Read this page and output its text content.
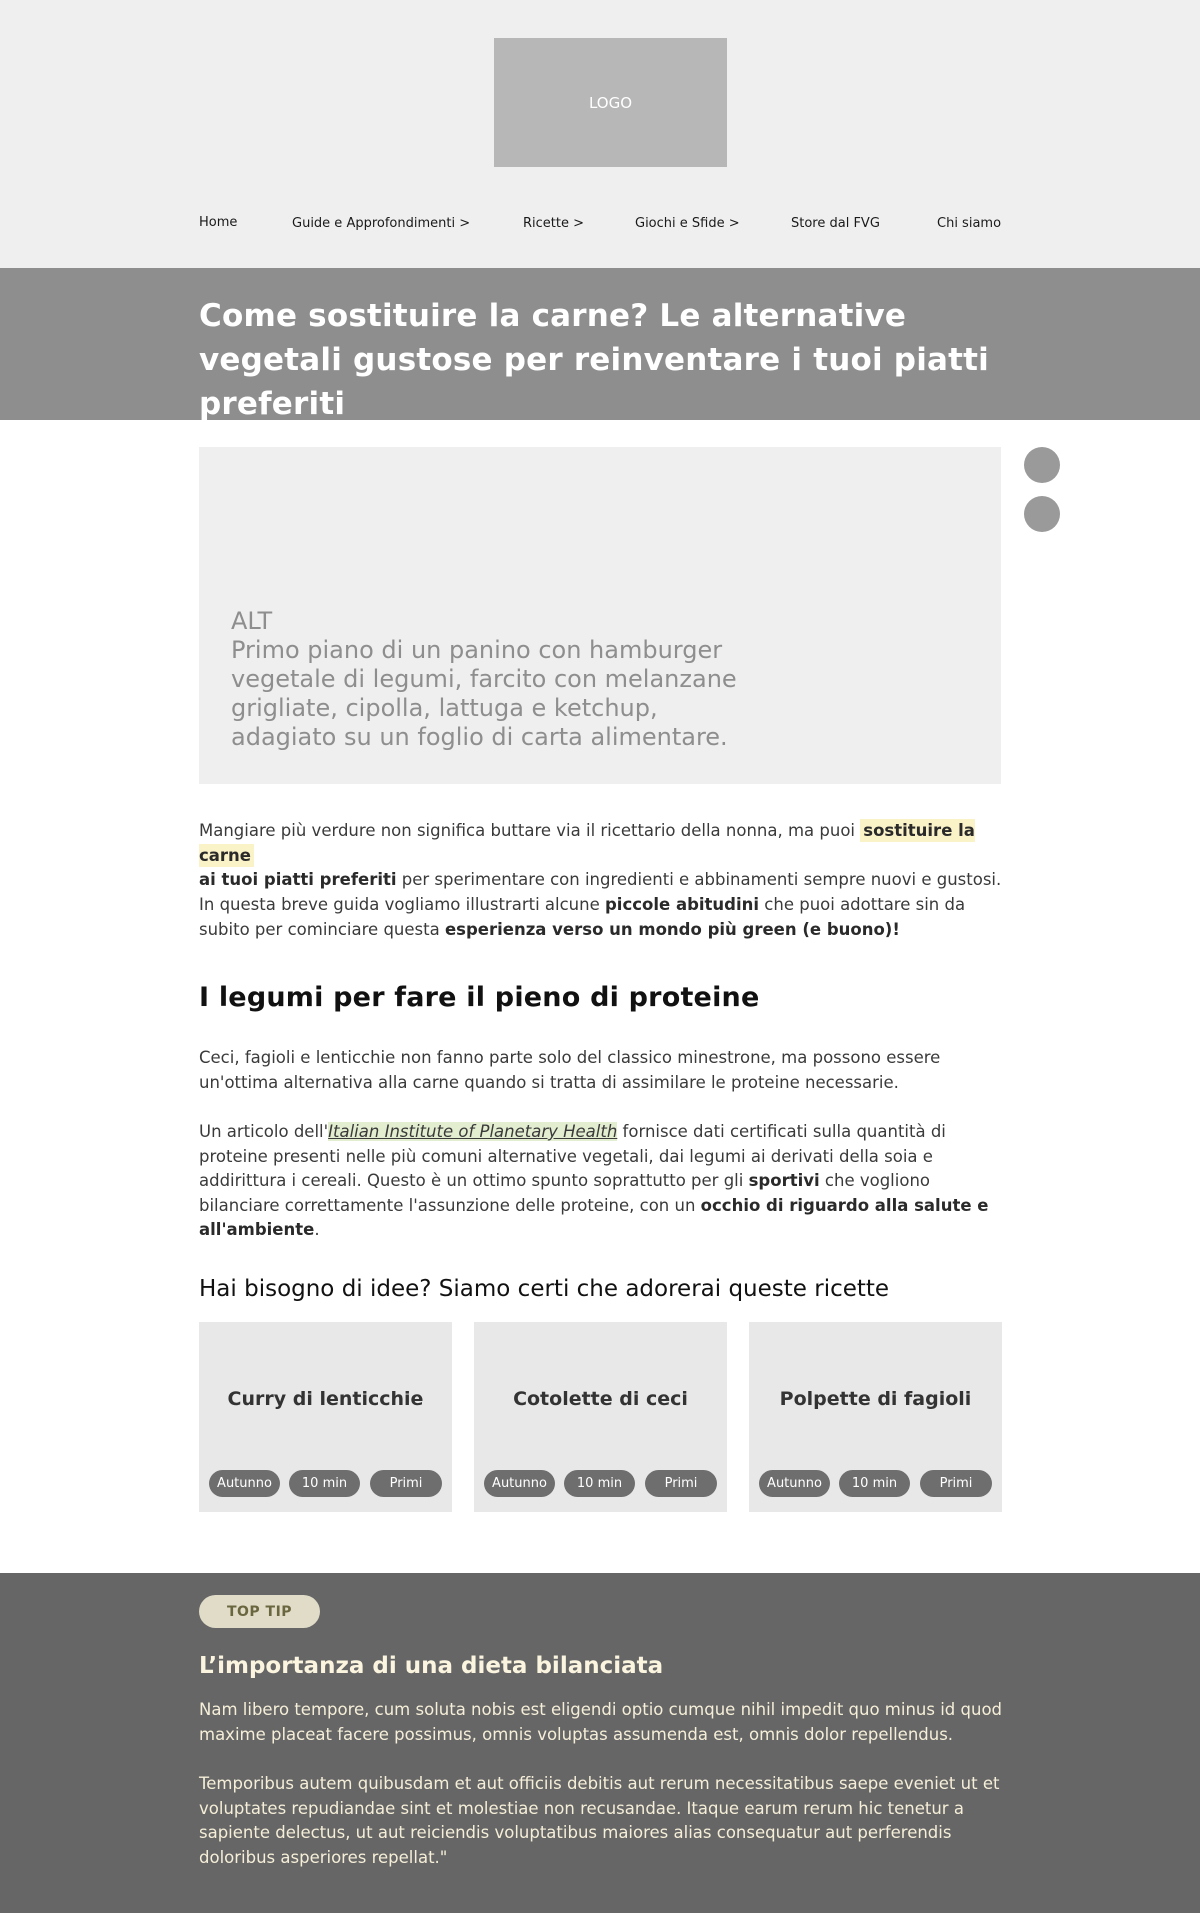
LOGO
Home	Guide e Approfondimenti >	Ricette >	Giochi e Sfide >	Store dal FVG	Chi siamo
Come sostituire la carne? Le alternative vegetali gustose per reinventare i tuoi piatti preferiti
ALT
Primo piano di un panino con hamburger vegetale di legumi, farcito con melanzane grigliate, cipolla, lattuga e ketchup, adagiato su un foglio di carta alimentare.

Mangiare più verdure non significa buttare via il ricettario della nonna, ma puoi sostituire la carne
ai tuoi piatti preferiti per sperimentare con ingredienti e abbinamenti sempre nuovi e gustosi.

In questa breve guida vogliamo illustrarti alcune piccole abitudini che puoi adottare sin da subito per cominciare questa esperienza verso un mondo più green (e buono)!

I legumi per fare il pieno di proteine

Ceci, fagioli e lenticchie non fanno parte solo del classico minestrone, ma possono essere un'ottima alternativa alla carne quando si tratta di assimilare le proteine necessarie.

Un articolo dell'Italian Institute of Planetary Health fornisce dati certificati sulla quantità di proteine presenti nelle più comuni alternative vegetali, dai legumi ai derivati della soia e addirittura i cereali. Questo è un ottimo spunto soprattutto per gli sportivi che vogliono bilanciare correttamente l'assunzione delle proteine, con un occhio di riguardo alla salute e all'ambiente.

Hai bisogno di idee? Siamo certi che adorerai queste ricette
Curry di lenticchie
Autunno	10 min	Primi
Cotolette di ceci
Autunno	10 min	Primi
Polpette di fagioli
Autunno	10 min	Primi
TOP TIP
L’importanza di una dieta bilanciata

Nam libero tempore, cum soluta nobis est eligendi optio cumque nihil impedit quo minus id quod maxime placeat facere possimus, omnis voluptas assumenda est, omnis dolor repellendus.

Temporibus autem quibusdam et aut officiis debitis aut rerum necessitatibus saepe eveniet ut et voluptates repudiandae sint et molestiae non recusandae. Itaque earum rerum hic tenetur a sapiente delectus, ut aut reiciendis voluptatibus maiores alias consequatur aut perferendis doloribus asperiores repellat."
